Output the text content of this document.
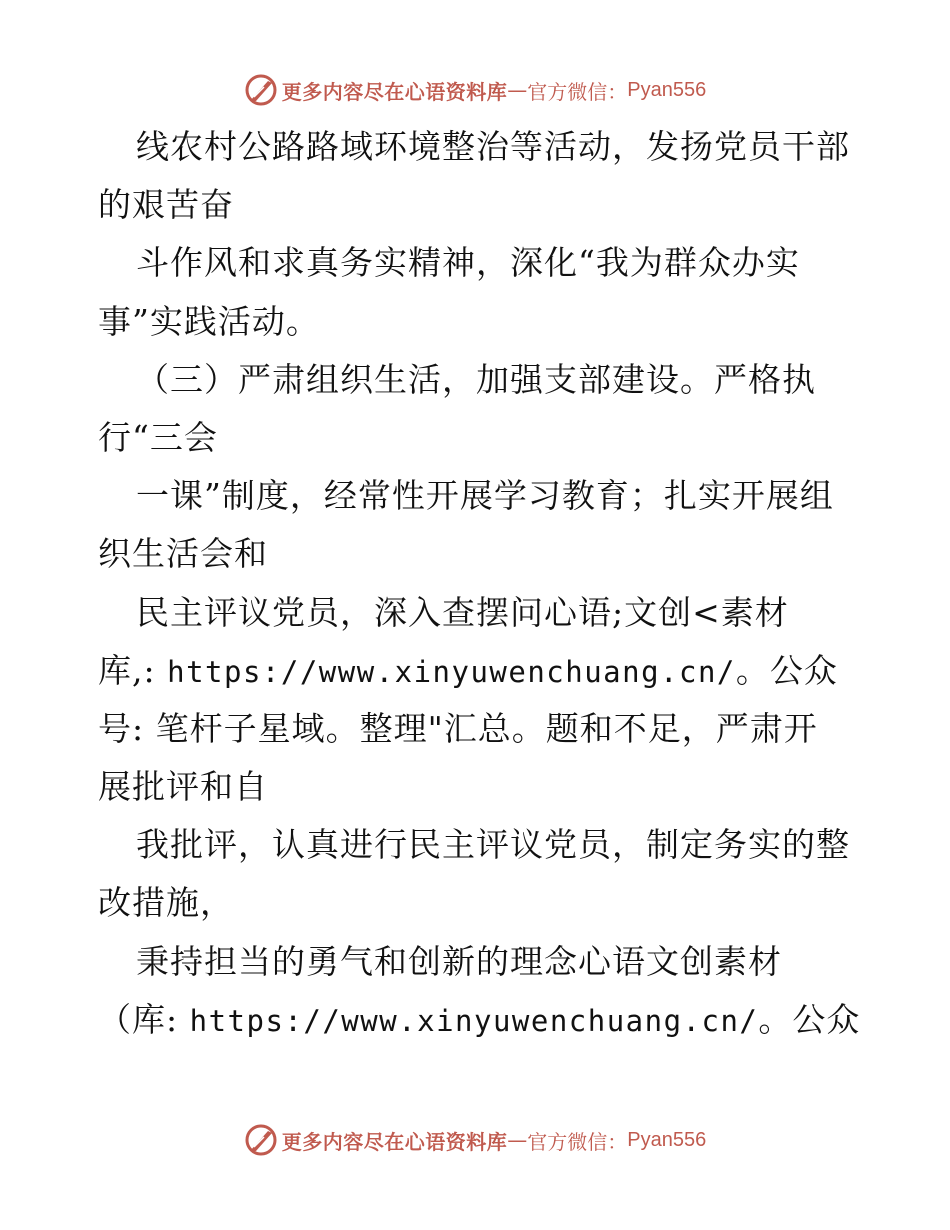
更多内容尽在心语资料库 — 官方微信： Pyan556
线农村公路路域环境整治等活动，发扬党员干部
的艰苦奋
斗作风和求真务实精神，深化“我为群众办实
事”实践活动。
（三）严肃组织生活，加强支部建设。严格执
行“三会
一课”制度，经常性开展学习教育；扎实开展组
织生活会和
民主评议党员，深入查摆问心语;文创<素材
库,: https://www.xinyuwenchuang.cn/。公众
号: 笔杆子星域。整理"汇总。题和不足，严肃开
展批评和自
我批评，认真进行民主评议党员，制定务实的整
改措施，
秉持担当的勇气和创新的理念心语文创素材
（库: https://www.xinyuwenchuang.cn/。公众
更多内容尽在心语资料库 — 官方微信： Pyan556
